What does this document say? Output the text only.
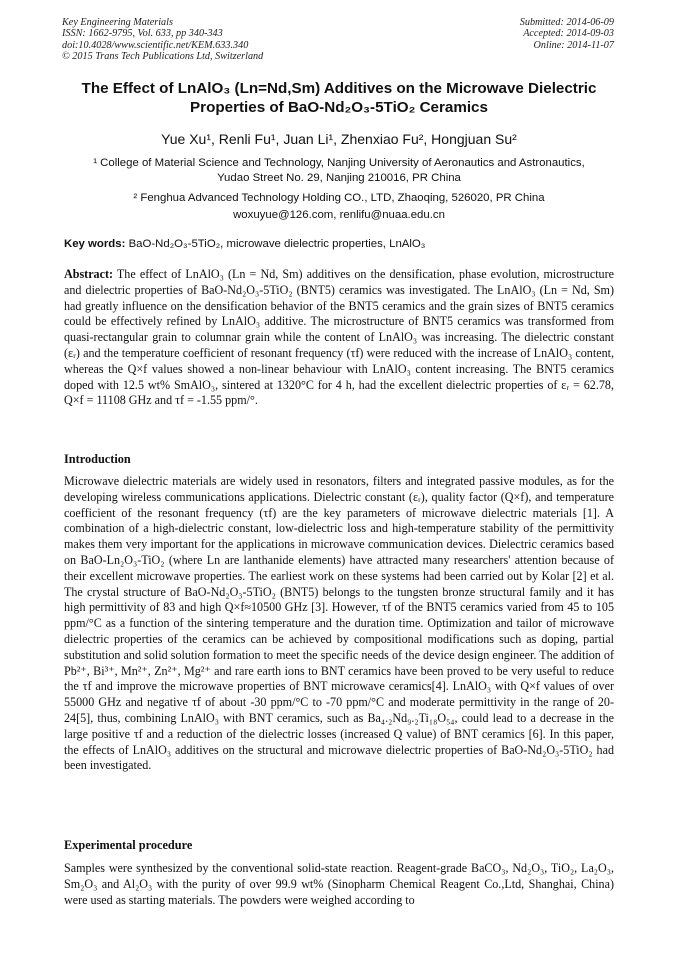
Key Engineering Materials
ISSN: 1662-9795, Vol. 633, pp 340-343
doi:10.4028/www.scientific.net/KEM.633.340
© 2015 Trans Tech Publications Ltd, Switzerland
Submitted: 2014-06-09
Accepted: 2014-09-03
Online: 2014-11-07
The Effect of LnAlO₃ (Ln=Nd,Sm) Additives on the Microwave Dielectric
Properties of BaO-Nd₂O₃-5TiO₂ Ceramics
Yue Xu¹, Renli Fu¹, Juan Li¹, Zhenxiao Fu², Hongjuan Su²
¹ College of Material Science and Technology, Nanjing University of Aeronautics and Astronautics,
Yudao Street No. 29, Nanjing 210016, PR China
² Fenghua Advanced Technology Holding CO., LTD, Zhaoqing, 526020, PR China
woxuyue@126.com, renlifu@nuaa.edu.cn
Key words: BaO-Nd₂O₃-5TiO₂, microwave dielectric properties, LnAlO₃
Abstract: The effect of LnAlO₃ (Ln = Nd, Sm) additives on the densification, phase evolution, microstructure and dielectric properties of BaO-Nd₂O₃-5TiO₂ (BNT5) ceramics was investigated. The LnAlO₃ (Ln = Nd, Sm) had greatly influence on the densification behavior of the BNT5 ceramics and the grain sizes of BNT5 ceramics could be effectively refined by LnAlO₃ additive. The microstructure of BNT5 ceramics was transformed from quasi-rectangular grain to columnar grain while the content of LnAlO₃ was increasing. The dielectric constant (εᵣ) and the temperature coefficient of resonant frequency (τf) were reduced with the increase of LnAlO₃ content, whereas the Q×f values showed a non-linear behaviour with LnAlO₃ content increasing. The BNT5 ceramics doped with 12.5 wt% SmAlO₃, sintered at 1320°C for 4 h, had the excellent dielectric properties of εᵣ = 62.78, Q×f = 11108 GHz and τf = -1.55 ppm/°.
Introduction
Microwave dielectric materials are widely used in resonators, filters and integrated passive modules, as for the developing wireless communications applications. Dielectric constant (εᵣ), quality factor (Q×f), and temperature coefficient of the resonant frequency (τf) are the key parameters of microwave dielectric materials [1]. A combination of a high-dielectric constant, low-dielectric loss and high-temperature stability of the permittivity makes them very important for the applications in microwave communication devices. Dielectric ceramics based on BaO-Ln₂O₃-TiO₂ (where Ln are lanthanide elements) have attracted many researchers' attention because of their excellent microwave properties. The earliest work on these systems had been carried out by Kolar [2] et al. The crystal structure of BaO-Nd₂O₃-5TiO₂ (BNT5) belongs to the tungsten bronze structural family and it has high permittivity of 83 and high Q×f≈10500 GHz [3]. However, τf of the BNT5 ceramics varied from 45 to 105 ppm/°C as a function of the sintering temperature and the duration time. Optimization and tailor of microwave dielectric properties of the ceramics can be achieved by compositional modifications such as doping, partial substitution and solid solution formation to meet the specific needs of the device design engineer. The addition of Pb²⁺, Bi³⁺, Mn²⁺, Zn²⁺, Mg²⁺ and rare earth ions to BNT ceramics have been proved to be very useful to reduce the τf and improve the microwave properties of BNT microwave ceramics[4]. LnAlO₃ with Q×f values of over 55000 GHz and negative τf of about -30 ppm/°C to -70 ppm/°C and moderate permittivity in the range of 20-24[5], thus, combining LnAlO₃ with BNT ceramics, such as Ba₄.₂Nd₉.₂Ti₁₈O₅₄, could lead to a decrease in the large positive τf and a reduction of the dielectric losses (increased Q value) of BNT ceramics [6]. In this paper, the effects of LnAlO₃ additives on the structural and microwave dielectric properties of BaO-Nd₂O₃-5TiO₂ had been investigated.
Experimental procedure
Samples were synthesized by the conventional solid-state reaction. Reagent-grade BaCO₃, Nd₂O₃, TiO₂, La₂O₃, Sm₂O₃ and Al₂O₃ with the purity of over 99.9 wt% (Sinopharm Chemical Reagent Co.,Ltd, Shanghai, China) were used as starting materials. The powders were weighed according to
